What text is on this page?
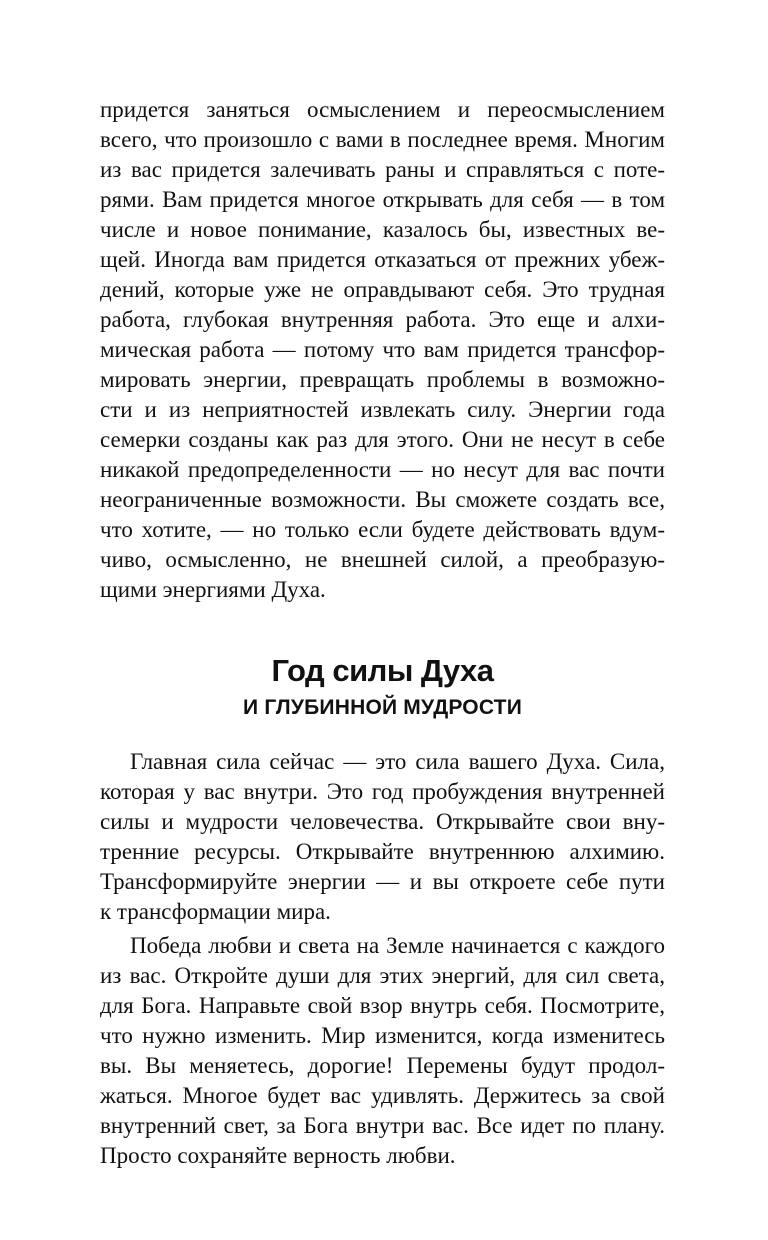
придется заняться осмыслением и переосмыслением
всего, что произошло с вами в последнее время. Многим
из вас придется залечивать раны и справляться с поте-
рями. Вам придется многое открывать для себя — в том
числе и новое понимание, казалось бы, известных ве-
щей. Иногда вам придется отказаться от прежних убеж-
дений, которые уже не оправдывают себя. Это трудная
работа, глубокая внутренняя работа. Это еще и алхи-
мическая работа — потому что вам придется трансфор-
мировать энергии, превращать проблемы в возможно-
сти и из неприятностей извлекать силу. Энергии года
семерки созданы как раз для этого. Они не несут в себе
никакой предопределенности — но несут для вас почти
неограниченные возможности. Вы сможете создать все,
что хотите, — но только если будете действовать вдум-
чиво, осмысленно, не внешней силой, а преобразую-
щими энергиями Духа.
Год силы Духа
И ГЛУБИННОЙ МУДРОСТИ
Главная сила сейчас — это сила вашего Духа. Сила,
которая у вас внутри. Это год пробуждения внутренней
силы и мудрости человечества. Открывайте свои вну-
тренние ресурсы. Открывайте внутреннюю алхимию.
Трансформируйте энергии — и вы откроете себе пути
к трансформации мира.
Победа любви и света на Земле начинается с каждого
из вас. Откройте души для этих энергий, для сил света,
для Бога. Направьте свой взор внутрь себя. Посмотрите,
что нужно изменить. Мир изменится, когда изменитесь
вы. Вы меняетесь, дорогие! Перемены будут продол-
жаться. Многое будет вас удивлять. Держитесь за свой
внутренний свет, за Бога внутри вас. Все идет по плану.
Просто сохраняйте верность любви.
